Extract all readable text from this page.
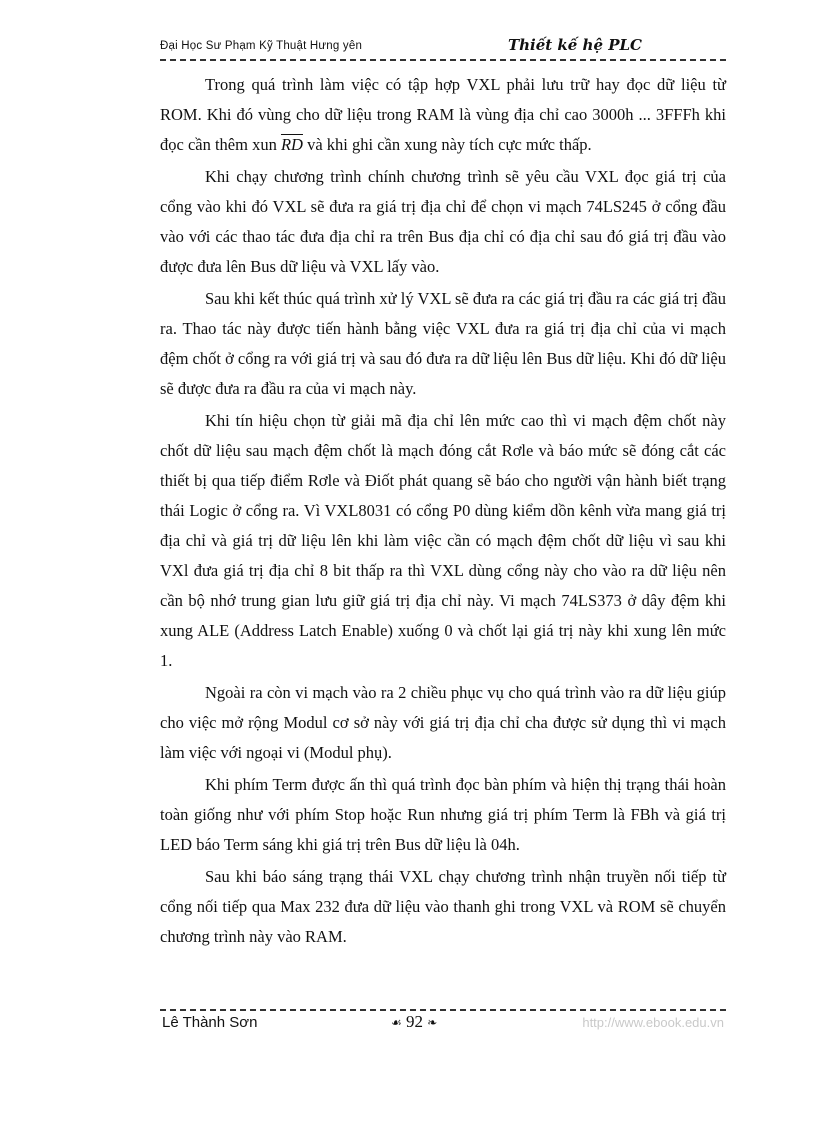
Đại Học Sư Phạm Kỹ Thuật Hưng yên	Thiết kế hệ PLC

Trong quá trình làm việc có tập hợp VXL phải lưu trữ hay đọc dữ liệu từ ROM. Khi đó vùng cho dữ liệu trong RAM là vùng địa chỉ cao 3000h ... 3FFFh khi đọc cần thêm xun $\overline{RD}$ và khi ghi cần xung này tích cực mức thấp.

Khi chạy chương trình chính chương trình sẽ yêu cầu VXL đọc giá trị của cổng vào khi đó VXL sẽ đưa ra giá trị địa chỉ để chọn vi mạch 74LS245 ở cổng đầu vào với các thao tác đưa địa chỉ ra trên Bus địa chỉ có địa chỉ sau đó giá trị đầu vào được đưa lên Bus dữ liệu và VXL lấy vào.

Sau khi kết thúc quá trình xử lý VXL sẽ đưa ra các giá trị đầu ra các giá trị đầu ra. Thao tác này được tiến hành bằng việc VXL đưa ra giá trị địa chỉ của vi mạch đệm chốt ở cổng ra với giá trị và sau đó đưa ra dữ liệu lên Bus dữ liệu. Khi đó dữ liệu sẽ được đưa ra đầu ra của vi mạch này.

Khi tín hiệu chọn từ giải mã địa chỉ lên mức cao thì vi mạch đệm chốt này chốt dữ liệu sau mạch đệm chốt là mạch đóng cắt Rơle và báo mức sẽ đóng cắt các thiết bị qua tiếp điểm Rơle và Điốt phát quang sẽ báo cho người vận hành biết trạng thái Logic ở cổng ra. Vì VXL8031 có cổng P0 dùng kiểm dồn kênh vừa mang giá trị địa chỉ và giá trị dữ liệu lên khi làm việc cần có mạch đệm chốt dữ liệu vì sau khi VXl đưa giá trị địa chỉ 8 bit thấp ra thì VXL dùng cổng này cho vào ra dữ liệu nên cần bộ nhớ trung gian lưu giữ giá trị địa chỉ này. Vi mạch 74LS373 ở dây đệm khi xung ALE (Address Latch Enable) xuống 0 và chốt lại giá trị này khi xung lên mức 1.

Ngoài ra còn vi mạch vào ra 2 chiều phục vụ cho quá trình vào ra dữ liệu giúp cho việc mở rộng Modul cơ sở này với giá trị địa chỉ cha được sử dụng thì vi mạch làm việc với ngoại vi (Modul phụ).

Khi phím Term được ấn thì quá trình đọc bàn phím và hiện thị trạng thái hoàn toàn giống như với phím Stop hoặc Run nhưng giá trị phím Term là FBh và giá trị LED báo Term sáng khi giá trị trên Bus dữ liệu là 04h.

Sau khi báo sáng trạng thái VXL chạy chương trình nhận truyền nối tiếp từ cổng nối tiếp qua Max 232 đưa dữ liệu vào thanh ghi trong VXL và ROM sẽ chuyển chương trình này vào RAM.

Lê Thành Sơn	☙ 92 ❧	http://www.ebook.edu.vn
